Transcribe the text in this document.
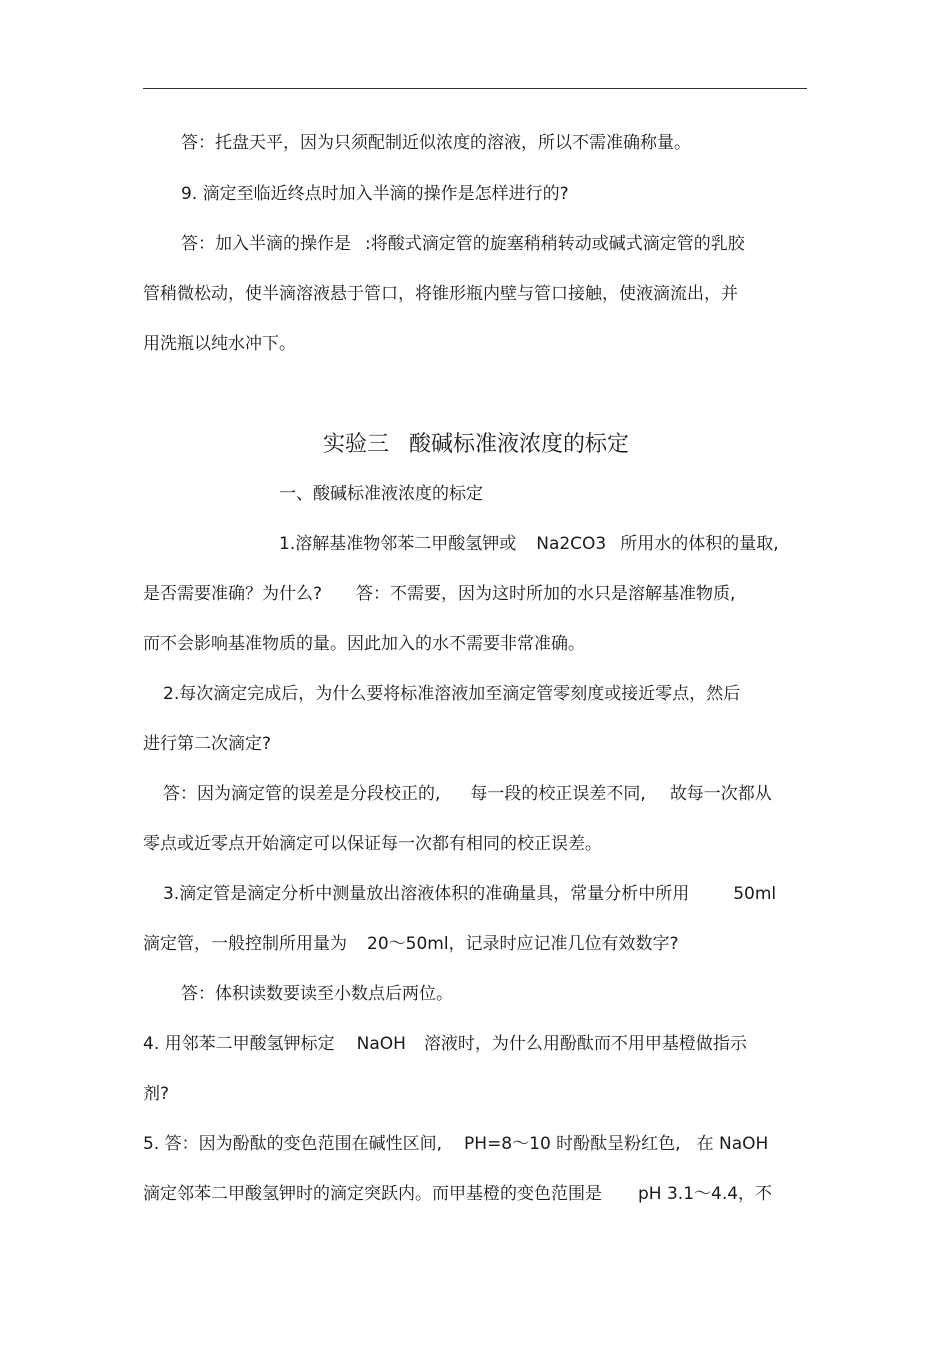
答：托盘天平，因为只须配制近似浓度的溶液，所以不需准确称量。
9. 滴定至临近终点时加入半滴的操作是怎样进行的?
答：加入半滴的操作是 :将酸式滴定管的旋塞稍稍转动或碱式滴定管的乳胶
管稍微松动，使半滴溶液悬于管口，将锥形瓶内壁与管口接触，使液滴流出，并
用洗瓶以纯水冲下。
实验三 酸碱标准液浓度的标定
一、酸碱标准液浓度的标定
1.溶解基准物邻苯二甲酸氢钾或 Na2CO3 所用水的体积的量取,
是否需要准确？为什么? 答：不需要，因为这时所加的水只是溶解基准物质,
而不会影响基准物质的量。因此加入的水不需要非常准确。
2.每次滴定完成后，为什么要将标准溶液加至滴定管零刻度或接近零点，然后
进行第二次滴定?
答：因为滴定管的误差是分段校正的, 每一段的校正误差不同, 故每一次都从
零点或近零点开始滴定可以保证每一次都有相同的校正误差。
3.滴定管是滴定分析中测量放出溶液体积的准确量具，常量分析中所用	50ml
滴定管，一般控制所用量为 20～50ml，记录时应记准几位有效数字?
答：体积读数要读至小数点后两位。
4. 用邻苯二甲酸氢钾标定 NaOH 溶液时，为什么用酚酞而不用甲基橙做指示
剂?
5. 答：因为酚酞的变色范围在碱性区间, PH=8～10 时酚酞呈粉红色, 在 NaOH
滴定邻苯二甲酸氢钾时的滴定突跃内。而甲基橙的变色范围是 pH 3.1～4.4，不
